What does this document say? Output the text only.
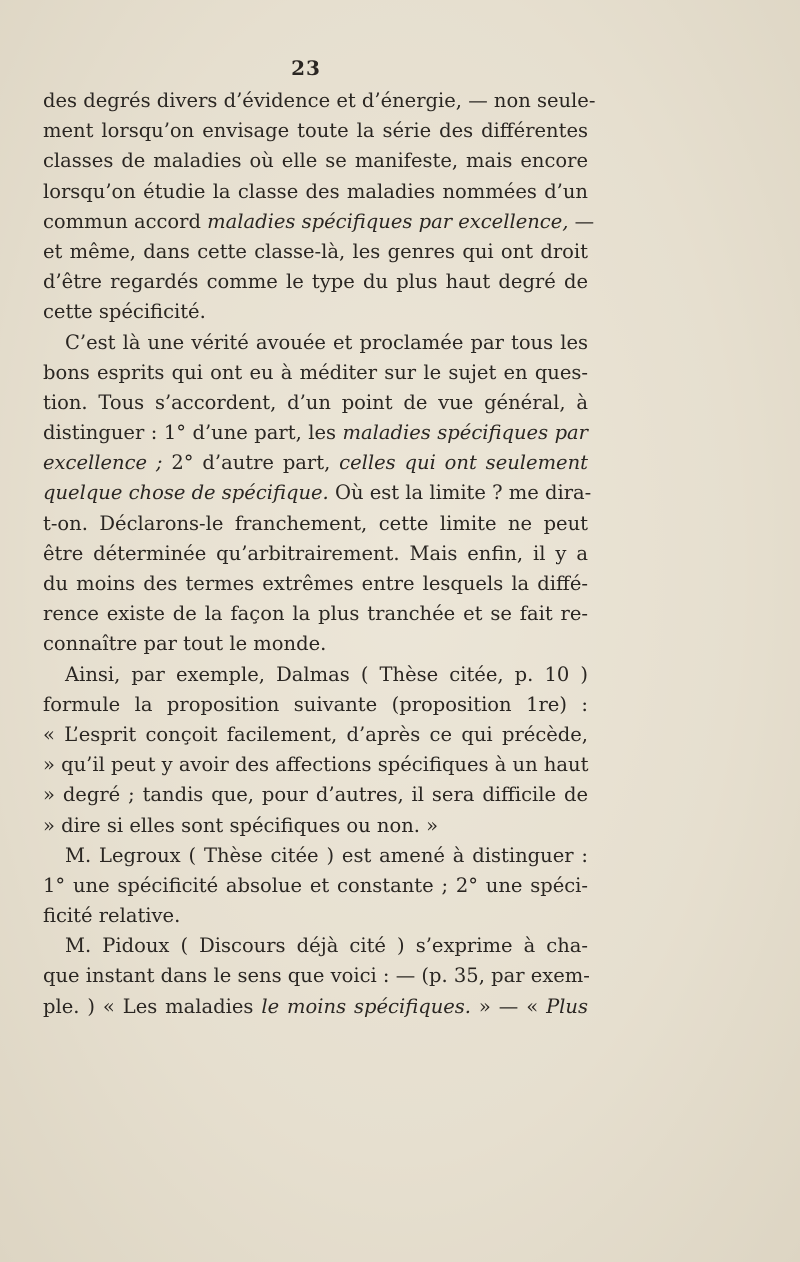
23
des degrés divers d’évidence et d’énergie, — non seule-
ment lorsqu’on envisage toute la série des différentes
classes de maladies où elle se manifeste, mais encore
lorsqu’on étudie la classe des maladies nommées d’un
commun accord maladies spécifiques par excellence, —
et même, dans cette classe-là, les genres qui ont droit
d’être regardés comme le type du plus haut degré de
cette spécificité.
C’est là une vérité avouée et proclamée par tous les
bons esprits qui ont eu à méditer sur le sujet en ques-
tion. Tous s’accordent, d’un point de vue général, à
distinguer : 1° d’une part, les maladies spécifiques par
excellence ; 2° d’autre part, celles qui ont seulement
quelque chose de spécifique. Où est la limite ? me dira-
t-on. Déclarons-le franchement, cette limite ne peut
être déterminée qu’arbitrairement. Mais enfin, il y a
du moins des termes extrêmes entre lesquels la diffé-
rence existe de la façon la plus tranchée et se fait re-
connaître par tout le monde.
Ainsi, par exemple, Dalmas ( Thèse citée, p. 10 )
formule la proposition suivante (proposition 1re) :
« L’esprit conçoit facilement, d’après ce qui précède,
» qu’il peut y avoir des affections spécifiques à un haut
» degré ; tandis que, pour d’autres, il sera difficile de
» dire si elles sont spécifiques ou non. »
M. Legroux ( Thèse citée ) est amené à distinguer :
1° une spécificité absolue et constante ; 2° une spéci-
ficité relative.
M. Pidoux ( Discours déjà cité ) s’exprime à cha-
que instant dans le sens que voici : — (p. 35, par exem-
ple. ) « Les maladies le moins spécifiques. » — « Plus
